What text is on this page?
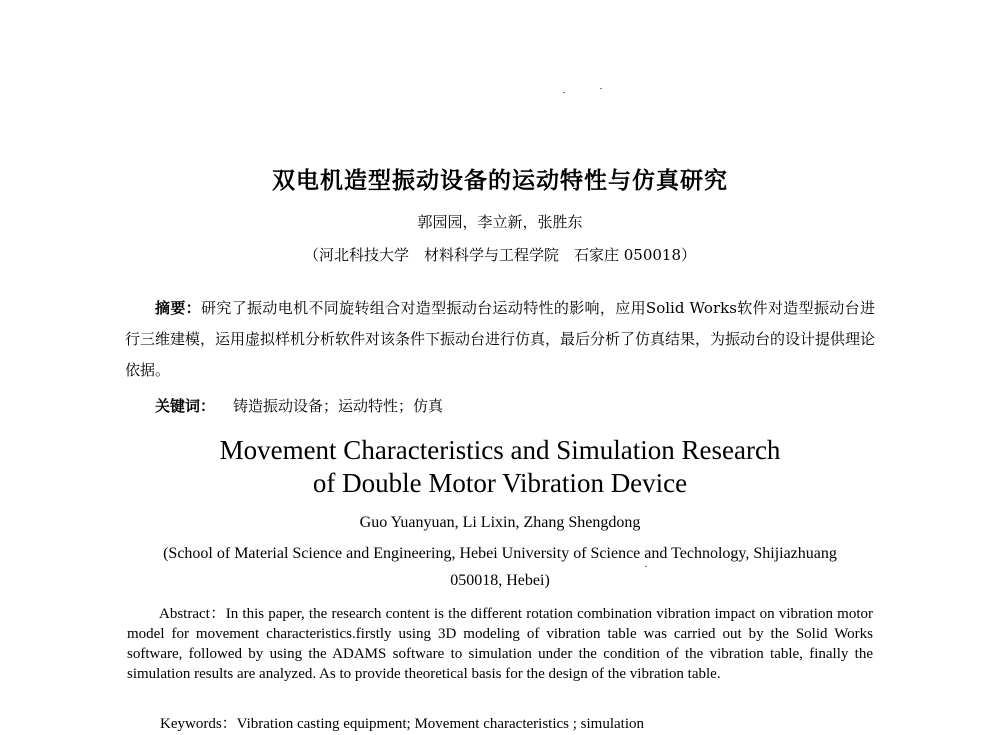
双电机造型振动设备的运动特性与仿真研究
郭园园，李立新，张胜东
（河北科技大学　材料科学与工程学院　石家庄 050018）
摘要：研究了振动电机不同旋转组合对造型振动台运动特性的影响，应用Solid Works软件对造型振动台进行三维建模，运用虚拟样机分析软件对该条件下振动台进行仿真，最后分析了仿真结果，为振动台的设计提供理论依据。
关键词： 铸造振动设备；运动特性；仿真
Movement Characteristics and Simulation Research
of Double Motor Vibration Device
Guo Yuanyuan, Li Lixin, Zhang Shengdong
(School of Material Science and Engineering, Hebei University of Science and Technology, Shijiazhuang
050018, Hebei)
Abstract：In this paper, the research content is the different rotation combination vibration impact on vibration motor model for movement characteristics.firstly using 3D modeling of vibration table was carried out by the Solid Works software, followed by using the ADAMS software to simulation under the condition of the vibration table, finally the simulation results are analyzed. As to provide theoretical basis for the design of the vibration table.
Keywords：Vibration casting equipment; Movement characteristics ; simulation
